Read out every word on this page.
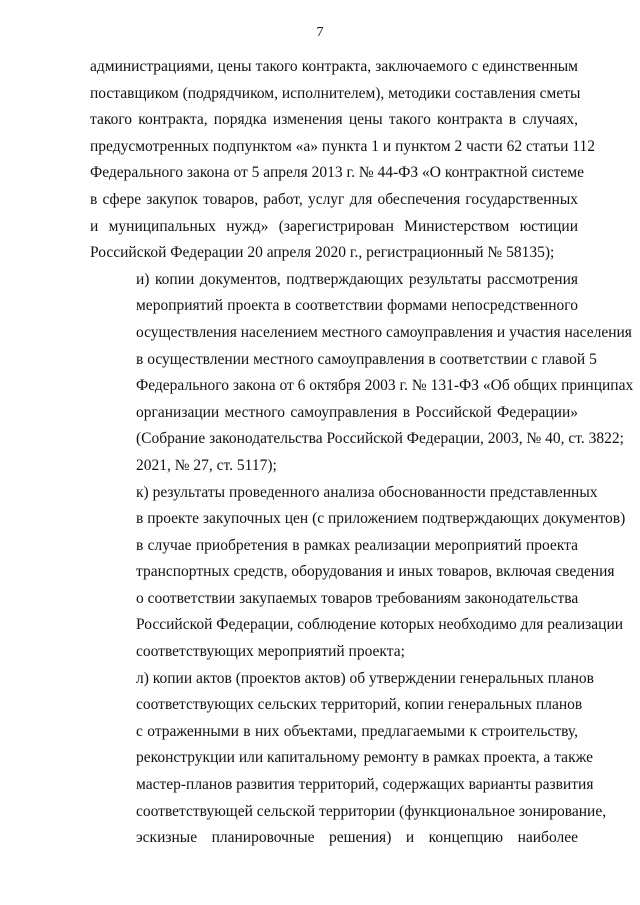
7

администрациями, цены такого контракта, заключаемого с единственным
поставщиком (подрядчиком, исполнителем), методики составления сметы
такого контракта, порядка изменения цены такого контракта в случаях,
предусмотренных подпунктом «а» пункта 1 и пунктом 2 части 62 статьи 112
Федерального закона от 5 апреля 2013 г. № 44-ФЗ «О контрактной системе
в сфере закупок товаров, работ, услуг для обеспечения государственных
и муниципальных нужд» (зарегистрирован Министерством юстиции
Российской Федерации 20 апреля 2020 г., регистрационный № 58135);

и) копии документов, подтверждающих результаты рассмотрения
мероприятий проекта в соответствии формами непосредственного
осуществления населением местного самоуправления и участия населения
в осуществлении местного самоуправления в соответствии с главой 5
Федерального закона от 6 октября 2003 г. № 131-ФЗ «Об общих принципах
организации местного самоуправления в Российской Федерации»
(Собрание законодательства Российской Федерации, 2003, № 40, ст. 3822;
2021, № 27, ст. 5117);

к) результаты проведенного анализа обоснованности представленных
в проекте закупочных цен (с приложением подтверждающих документов)
в случае приобретения в рамках реализации мероприятий проекта
транспортных средств, оборудования и иных товаров, включая сведения
о соответствии закупаемых товаров требованиям законодательства
Российской Федерации, соблюдение которых необходимо для реализации
соответствующих мероприятий проекта;

л) копии актов (проектов актов) об утверждении генеральных планов
соответствующих сельских территорий, копии генеральных планов
с отраженными в них объектами, предлагаемыми к строительству,
реконструкции или капитальному ремонту в рамках проекта, а также
мастер-планов развития территорий, содержащих варианты развития
соответствующей сельской территории (функциональное зонирование,
эскизные планировочные решения) и концепцию наиболее
